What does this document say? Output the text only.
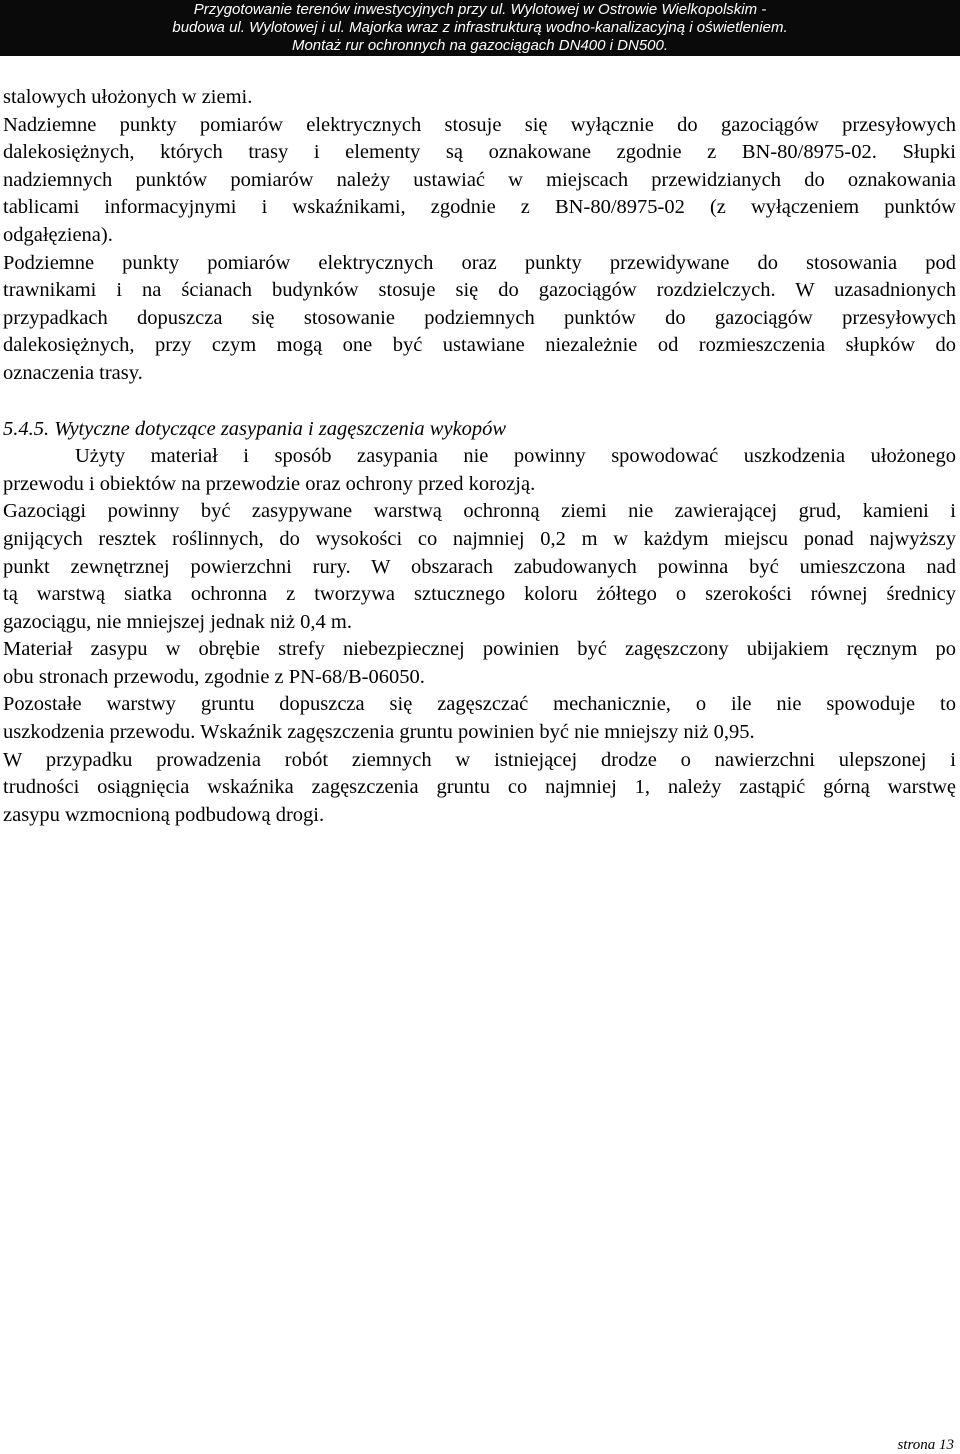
Przygotowanie terenów inwestycyjnych przy ul. Wylotowej w Ostrowie Wielkopolskim -
budowa ul. Wylotowej i ul. Majorka wraz z infrastrukturą wodno-kanalizacyjną i oświetleniem.
Montaż rur ochronnych na gazociągach DN400 i DN500.
stalowych ułożonych w ziemi.
Nadziemne punkty pomiarów elektrycznych stosuje się wyłącznie do gazociągów przesyłowych
dalekosiężnych, których trasy i elementy są oznakowane zgodnie z BN-80/8975-02. Słupki
nadziemnych punktów pomiarów należy ustawiać w miejscach przewidzianych do oznakowania
tablicami informacyjnymi i wskaźnikami, zgodnie z BN-80/8975-02 (z wyłączeniem punktów
odgałęziena).
Podziemne punkty pomiarów elektrycznych oraz punkty przewidywane do stosowania pod
trawnikami i na ścianach budynków stosuje się do gazociągów rozdzielczych. W uzasadnionych
przypadkach dopuszcza się stosowanie podziemnych punktów do gazociągów przesyłowych
dalekosiężnych, przy czym mogą one być ustawiane niezależnie od rozmieszczenia słupków do
oznaczenia trasy.
5.4.5. Wytyczne dotyczące zasypania i zagęszczenia wykopów
Użyty materiał i sposób zasypania nie powinny spowodować uszkodzenia ułożonego
przewodu i obiektów na przewodzie oraz ochrony przed korozją.
Gazociągi powinny być zasypywane warstwą ochronną ziemi nie zawierającej grud, kamieni i
gnijących resztek roślinnych, do wysokości co najmniej 0,2 m w każdym miejscu ponad najwyższy
punkt zewnętrznej powierzchni rury. W obszarach zabudowanych powinna być umieszczona nad
tą warstwą siatka ochronna z tworzywa sztucznego koloru żółtego o szerokości równej średnicy
gazociągu, nie mniejszej jednak niż 0,4 m.
Materiał zasypu w obrębie strefy niebezpiecznej powinien być zagęszczony ubijakiem ręcznym po
obu stronach przewodu, zgodnie z PN-68/B-06050.
Pozostałe warstwy gruntu dopuszcza się zagęszczać mechanicznie, o ile nie spowoduje to
uszkodzenia przewodu. Wskaźnik zagęszczenia gruntu powinien być nie mniejszy niż 0,95.
W przypadku prowadzenia robót ziemnych w istniejącej drodze o nawierzchni ulepszonej i
trudności osiągnięcia wskaźnika zagęszczenia gruntu co najmniej 1, należy zastąpić górną warstwę
zasypu wzmocnioną podbudową drogi.
strona 13
